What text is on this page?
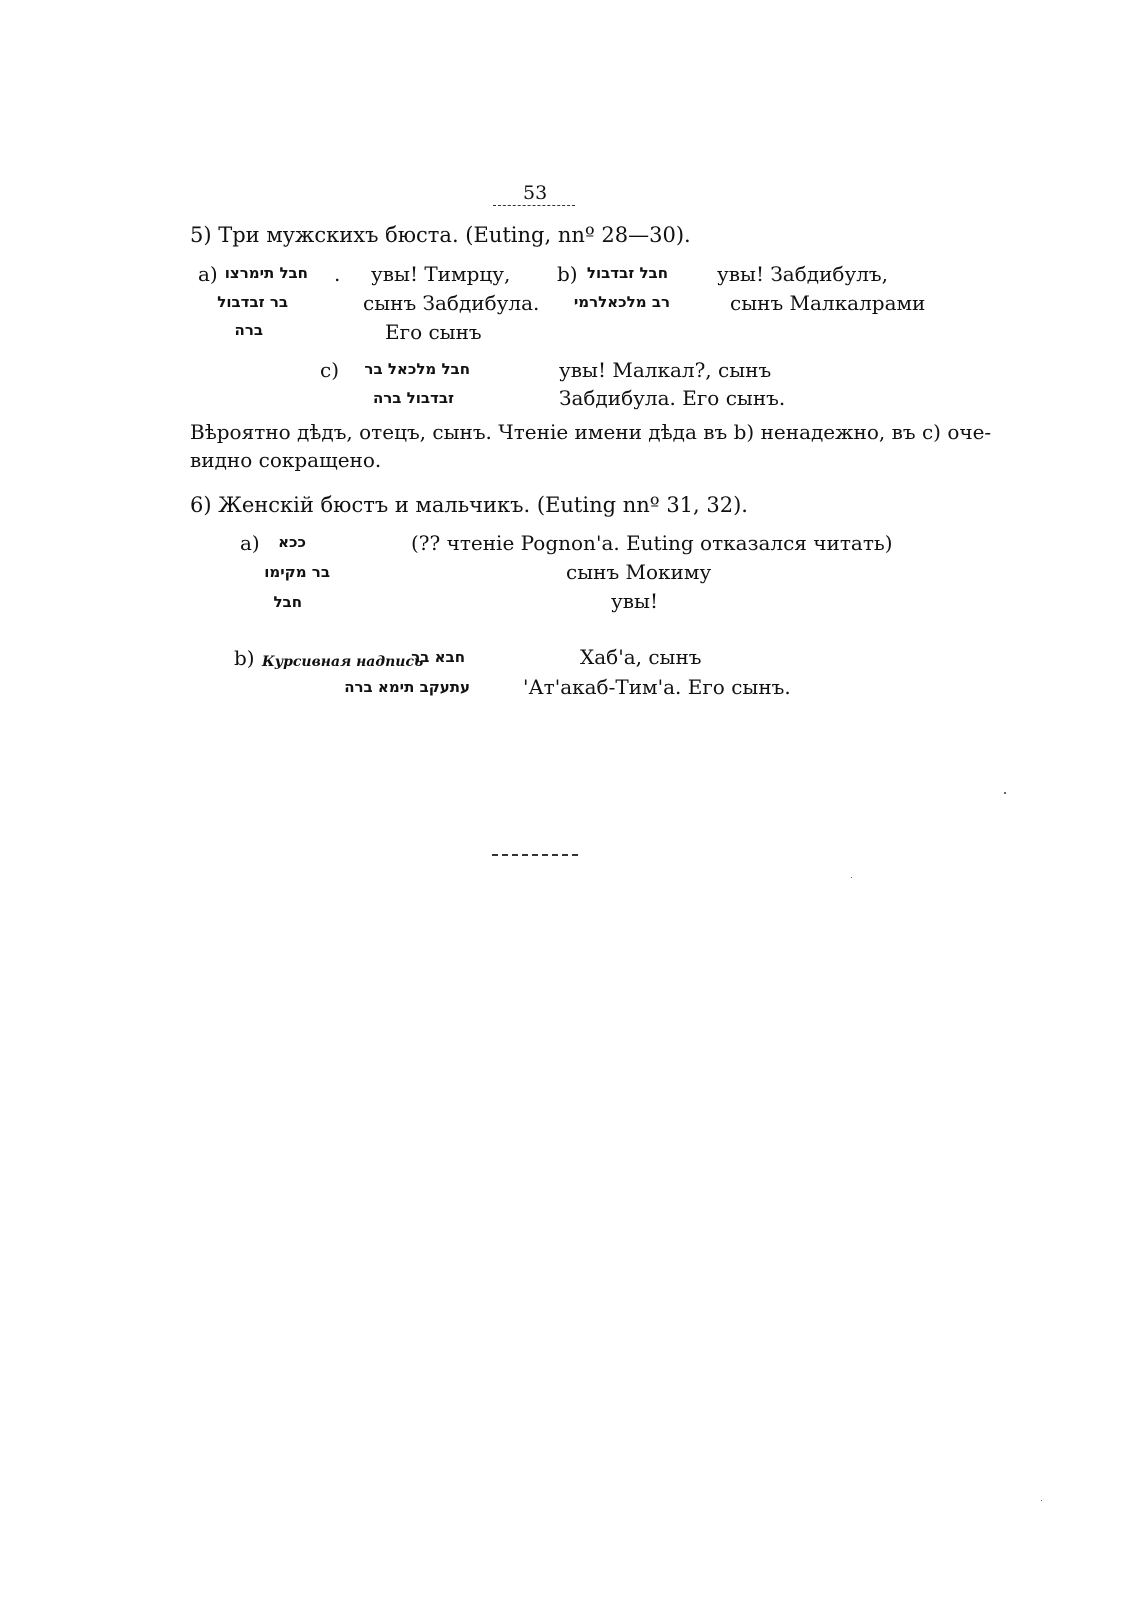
53
5) Три мужскихъ бюста. (Euting, nnº 28—30).
a) חבל תימרצו
בר זבדבול
ברה
. увы! Тимрцу,
сынъ Забдибула.
Его сынъ
b) חבל זבדבול
רב מלכאלרמי
увы! Забдибулъ,
сынъ Малкалрами
c)	חבל מלכאל בר
זבדבול ברה
увы! Малкал?, сынъ
Забдибула. Его сынъ.
Вѣроятно дѣдъ, отецъ, сынъ. Чтенiе имени дѣда въ b) ненадежно, въ c) оче-
видно сокращено.
6) Женскiй бюстъ и мальчикъ. (Euting nnº 31, 32).
a)	ככא
בר מקימו
חבל
(?? чтенiе Pognon'a. Euting отказался читать)
сынъ Мокиму
увы!
b) Курсивная надпись
חבא בר
עתעקב תימא ברה
Хаб'а, сынъ
'Ат'акаб-Тим'а. Его сынъ.
